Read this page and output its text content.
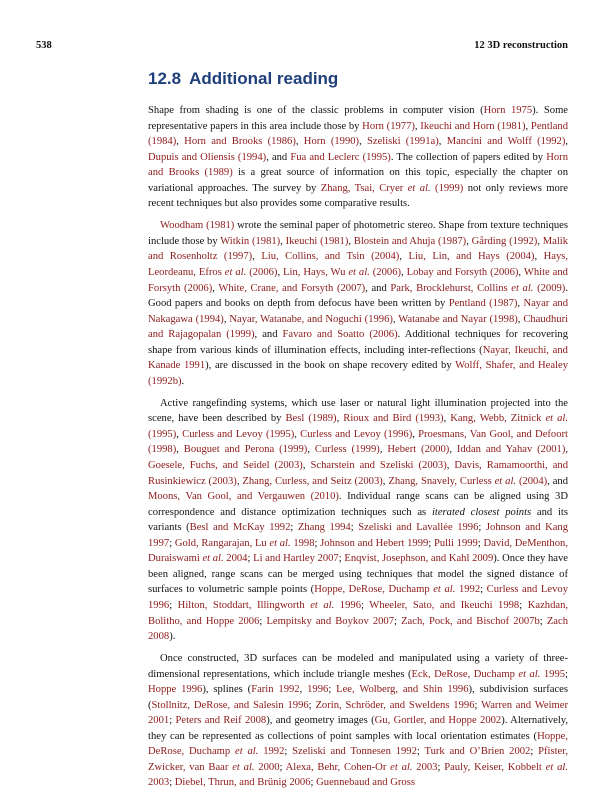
538	12 3D reconstruction
12.8 Additional reading

Shape from shading is one of the classic problems in computer vision (Horn 1975). Some representative papers in this area include those by Horn (1977), Ikeuchi and Horn (1981), Pentland (1984), Horn and Brooks (1986), Horn (1990), Szeliski (1991a), Mancini and Wolff (1992), Dupuis and Oliensis (1994), and Fua and Leclerc (1995). The collection of papers edited by Horn and Brooks (1989) is a great source of information on this topic, especially the chapter on variational approaches. The survey by Zhang, Tsai, Cryer et al. (1999) not only reviews more recent techniques but also provides some comparative results.

Woodham (1981) wrote the seminal paper of photometric stereo. Shape from texture techniques include those by Witkin (1981), Ikeuchi (1981), Blostein and Ahuja (1987), Gårding (1992), Malik and Rosenholtz (1997), Liu, Collins, and Tsin (2004), Liu, Lin, and Hays (2004), Hays, Leordeanu, Efros et al. (2006), Lin, Hays, Wu et al. (2006), Lobay and Forsyth (2006), White and Forsyth (2006), White, Crane, and Forsyth (2007), and Park, Brocklehurst, Collins et al. (2009). Good papers and books on depth from defocus have been written by Pentland (1987), Nayar and Nakagawa (1994), Nayar, Watanabe, and Noguchi (1996), Watanabe and Nayar (1998), Chaudhuri and Rajagopalan (1999), and Favaro and Soatto (2006). Additional techniques for recovering shape from various kinds of illumination effects, including inter-reflections (Nayar, Ikeuchi, and Kanade 1991), are discussed in the book on shape recovery edited by Wolff, Shafer, and Healey (1992b).

Active rangefinding systems, which use laser or natural light illumination projected into the scene, have been described by Besl (1989), Rioux and Bird (1993), Kang, Webb, Zitnick et al. (1995), Curless and Levoy (1995), Curless and Levoy (1996), Proesmans, Van Gool, and Defoort (1998), Bouguet and Perona (1999), Curless (1999), Hebert (2000), Iddan and Yahav (2001), Goesele, Fuchs, and Seidel (2003), Scharstein and Szeliski (2003), Davis, Ramamoorthi, and Rusinkiewicz (2003), Zhang, Curless, and Seitz (2003), Zhang, Snavely, Curless et al. (2004), and Moons, Van Gool, and Vergauwen (2010). Individual range scans can be aligned using 3D correspondence and distance optimization techniques such as iterated closest points and its variants (Besl and McKay 1992; Zhang 1994; Szeliski and Lavallée 1996; Johnson and Kang 1997; Gold, Rangarajan, Lu et al. 1998; Johnson and Hebert 1999; Pulli 1999; David, DeMenthon, Duraiswami et al. 2004; Li and Hartley 2007; Enqvist, Josephson, and Kahl 2009). Once they have been aligned, range scans can be merged using techniques that model the signed distance of surfaces to volumetric sample points (Hoppe, DeRose, Duchamp et al. 1992; Curless and Levoy 1996; Hilton, Stoddart, Illingworth et al. 1996; Wheeler, Sato, and Ikeuchi 1998; Kazhdan, Bolitho, and Hoppe 2006; Lempitsky and Boykov 2007; Zach, Pock, and Bischof 2007b; Zach 2008).

Once constructed, 3D surfaces can be modeled and manipulated using a variety of three-dimensional representations, which include triangle meshes (Eck, DeRose, Duchamp et al. 1995; Hoppe 1996), splines (Farin 1992, 1996; Lee, Wolberg, and Shin 1996), subdivision surfaces (Stollnitz, DeRose, and Salesin 1996; Zorin, Schröder, and Sweldens 1996; Warren and Weimer 2001; Peters and Reif 2008), and geometry images (Gu, Gortler, and Hoppe 2002). Alternatively, they can be represented as collections of point samples with local orientation estimates (Hoppe, DeRose, Duchamp et al. 1992; Szeliski and Tonnesen 1992; Turk and O’Brien 2002; Pfister, Zwicker, van Baar et al. 2000; Alexa, Behr, Cohen-Or et al. 2003; Pauly, Keiser, Kobbelt et al. 2003; Diebel, Thrun, and Brünig 2006; Guennebaud and Gross
